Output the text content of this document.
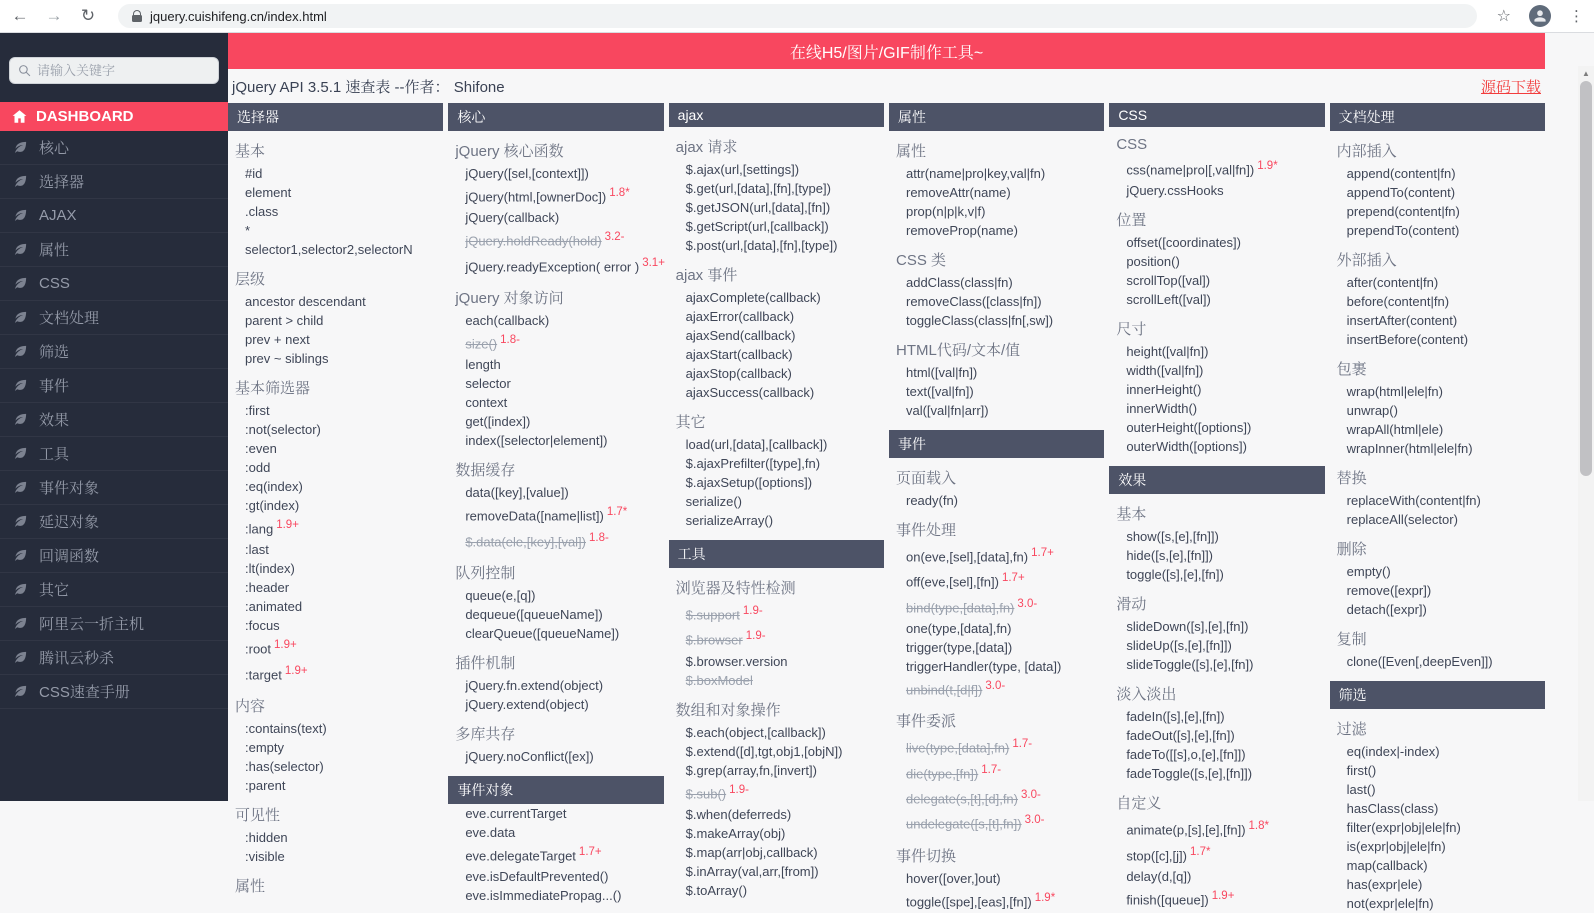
← → ↻	jquery.cuishifeng.cn/index.html	☆	⋮
请输入关键字
DASHBOARD
核心
选择器
AJAX
属性
CSS
文档处理
筛选
事件
效果
工具
事件对象
延迟对象
回调函数
其它
阿里云一折主机
腾讯云秒杀
CSS速查手册
在线H5/图片/GIF制作工具~
jQuery API 3.5.1 速查表 --作者： Shifone	源码下载
选择器
基本
#id
element
.class
*
selector1,selector2,selectorN
层级
ancestor descendant
parent > child
prev + next
prev ~ siblings
基本筛选器
:first
:not(selector)
:even
:odd
:eq(index)
:gt(index)
:lang $^{1.9+}$
:last
:lt(index)
:header
:animated
:focus
:root $^{1.9+}$
:target $^{1.9+}$
内容
:contains(text)
:empty
:has(selector)
:parent
可见性
:hidden
:visible
属性
核心
jQuery 核心函数
jQuery([sel,[context]])
jQuery(html,[ownerDoc]) $^{1.8*}$
jQuery(callback)
jQuery.holdReady(hold) $^{3.2-}$
jQuery.readyException( error ) $^{3.1+}$
jQuery 对象访问
each(callback)
size() $^{1.8-}$
length
selector
context
get([index])
index([selector|element])
数据缓存
data([key],[value])
removeData([name|list]) $^{1.7*}$
$.data(ele,[key],[val]) $^{1.8-}$
队列控制
queue(e,[q])
dequeue([queueName])
clearQueue([queueName])
插件机制
jQuery.fn.extend(object)
jQuery.extend(object)
多库共存
jQuery.noConflict([ex])
事件对象
eve.currentTarget
eve.data
eve.delegateTarget $^{1.7+}$
eve.isDefaultPrevented()
eve.isImmediatePropag...()
ajax
ajax 请求
$.ajax(url,[settings])
$.get(url,[data],[fn],[type])
$.getJSON(url,[data],[fn])
$.getScript(url,[callback])
$.post(url,[data],[fn],[type])
ajax 事件
ajaxComplete(callback)
ajaxError(callback)
ajaxSend(callback)
ajaxStart(callback)
ajaxStop(callback)
ajaxSuccess(callback)
其它
load(url,[data],[callback])
$.ajaxPrefilter([type],fn)
$.ajaxSetup([options])
serialize()
serializeArray()
工具
浏览器及特性检测
$.support $^{1.9-}$
$.browser $^{1.9-}$
$.browser.version
$.boxModel
数组和对象操作
$.each(object,[callback])
$.extend([d],tgt,obj1,[objN])
$.grep(array,fn,[invert])
$.sub() $^{1.9-}$
$.when(deferreds)
$.makeArray(obj)
$.map(arr|obj,callback)
$.inArray(val,arr,[from])
$.toArray()
属性
属性
attr(name|pro|key,val|fn)
removeAttr(name)
prop(n|p|k,v|f)
removeProp(name)
CSS 类
addClass(class|fn)
removeClass([class|fn])
toggleClass(class|fn[,sw])
HTML代码/文本/值
html([val|fn])
text([val|fn])
val([val|fn|arr])
事件
页面载入
ready(fn)
事件处理
on(eve,[sel],[data],fn) $^{1.7+}$
off(eve,[sel],[fn]) $^{1.7+}$
bind(type,[data],fn) $^{3.0-}$
one(type,[data],fn)
trigger(type,[data])
triggerHandler(type, [data])
unbind(t,[d|f]) $^{3.0-}$
事件委派
live(type,[data],fn) $^{1.7-}$
die(type,[fn]) $^{1.7-}$
delegate(s,[t],[d],fn) $^{3.0-}$
undelegate([s,[t],fn]) $^{3.0-}$
事件切换
hover([over,]out)
toggle([spe],[eas],[fn]) $^{1.9*}$
CSS
CSS
css(name|pro|[,val|fn]) $^{1.9*}$
jQuery.cssHooks
位置
offset([coordinates])
position()
scrollTop([val])
scrollLeft([val])
尺寸
height([val|fn])
width([val|fn])
innerHeight()
innerWidth()
outerHeight([options])
outerWidth([options])
效果
基本
show([s,[e],[fn]])
hide([s,[e],[fn]])
toggle([s],[e],[fn])
滑动
slideDown([s],[e],[fn])
slideUp([s,[e],[fn]])
slideToggle([s],[e],[fn])
淡入淡出
fadeIn([s],[e],[fn])
fadeOut([s],[e],[fn])
fadeTo([[s],o,[e],[fn]])
fadeToggle([s,[e],[fn]])
自定义
animate(p,[s],[e],[fn]) $^{1.8*}$
stop([c],[j]) $^{1.7*}$
delay(d,[q])
finish([queue]) $^{1.9+}$
文档处理
内部插入
append(content|fn)
appendTo(content)
prepend(content|fn)
prependTo(content)
外部插入
after(content|fn)
before(content|fn)
insertAfter(content)
insertBefore(content)
包裹
wrap(html|ele|fn)
unwrap()
wrapAll(html|ele)
wrapInner(html|ele|fn)
替换
replaceWith(content|fn)
replaceAll(selector)
删除
empty()
remove([expr])
detach([expr])
复制
clone([Even[,deepEven]])
筛选
过滤
eq(index|-index)
first()
last()
hasClass(class)
filter(expr|obj|ele|fn)
is(expr|obj|ele|fn)
map(callback)
has(expr|ele)
not(expr|ele|fn)
▲
